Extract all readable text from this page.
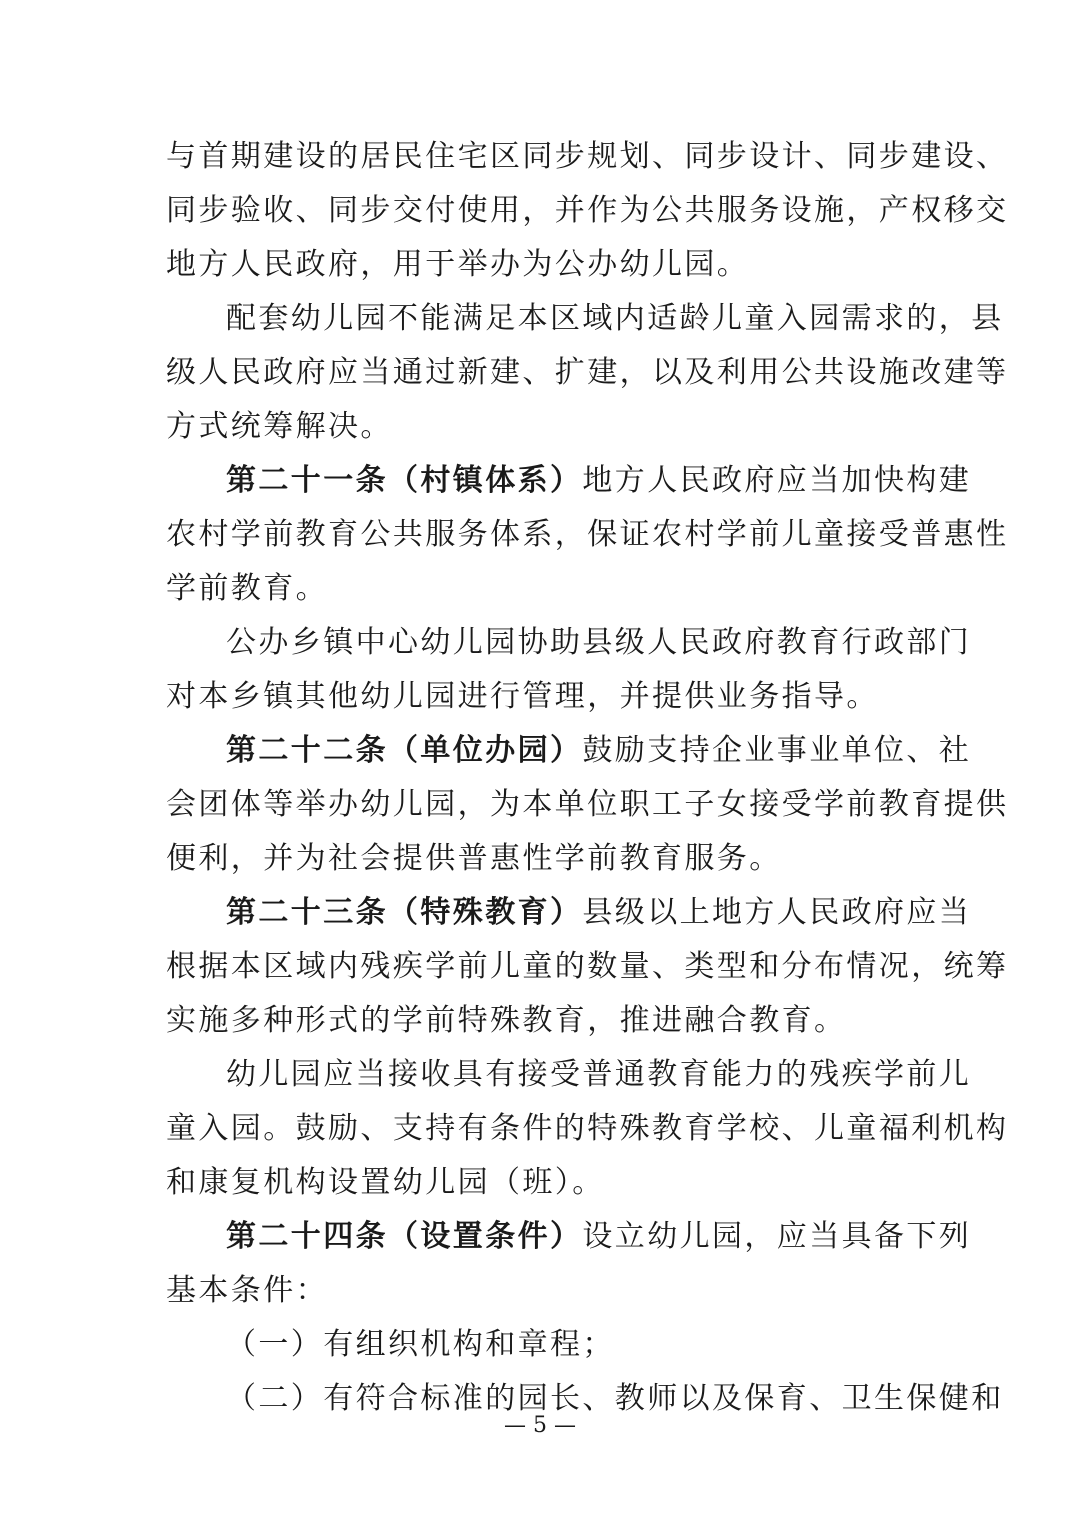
与首期建设的居民住宅区同步规划、同步设计、同步建设、
同步验收、同步交付使用，并作为公共服务设施，产权移交
地方人民政府，用于举办为公办幼儿园。
配套幼儿园不能满足本区域内适龄儿童入园需求的，县
级人民政府应当通过新建、扩建，以及利用公共设施改建等
方式统筹解决。
第二十一条（村镇体系）地方人民政府应当加快构建
农村学前教育公共服务体系，保证农村学前儿童接受普惠性
学前教育。
公办乡镇中心幼儿园协助县级人民政府教育行政部门
对本乡镇其他幼儿园进行管理，并提供业务指导。
第二十二条（单位办园）鼓励支持企业事业单位、社
会团体等举办幼儿园，为本单位职工子女接受学前教育提供
便利，并为社会提供普惠性学前教育服务。
第二十三条（特殊教育）县级以上地方人民政府应当
根据本区域内残疾学前儿童的数量、类型和分布情况，统筹
实施多种形式的学前特殊教育，推进融合教育。
幼儿园应当接收具有接受普通教育能力的残疾学前儿
童入园。鼓励、支持有条件的特殊教育学校、儿童福利机构
和康复机构设置幼儿园（班）。
第二十四条（设置条件）设立幼儿园，应当具备下列
基本条件：
（一）有组织机构和章程；
（二）有符合标准的园长、教师以及保育、卫生保健和
— 5 —
